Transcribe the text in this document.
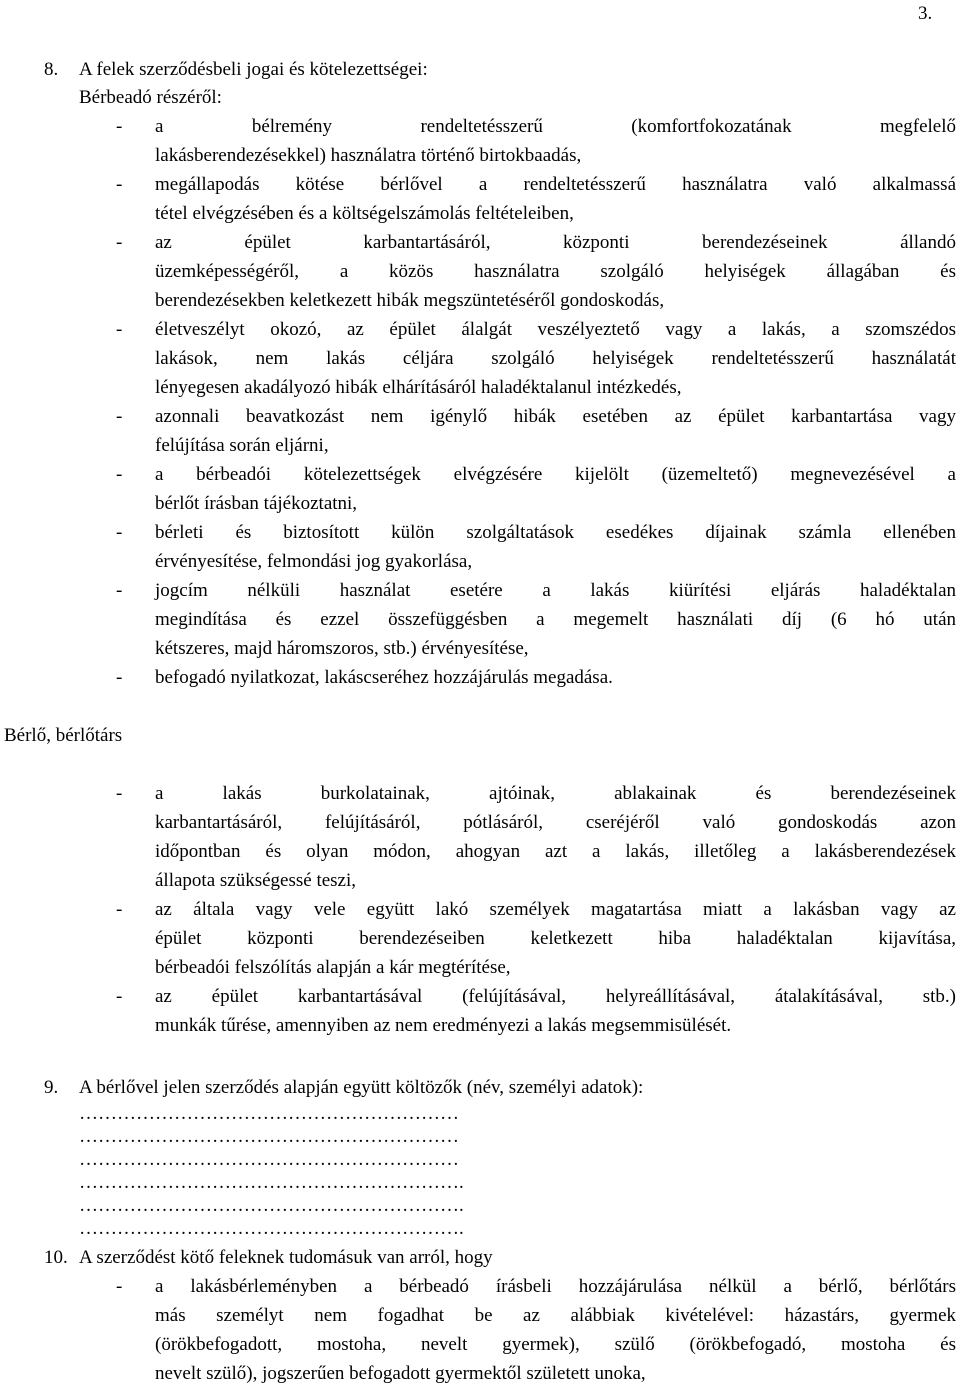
3.
8. A felek szerződésbeli jogai és kötelezettségei:
Bérbeadó részéről:
- a bélremény rendeltetésszerű (komfortfokozatának megfelelő
lakásberendezésekkel) használatra történő birtokbaadás,
- megállapodás kötése bérlővel a rendeltetésszerű használatra való alkalmassá
tétel elvégzésében és a költségelszámolás feltételeiben,
- az épület karbantartásáról, központi berendezéseinek állandó
üzemképességéről, a közös használatra szolgáló helyiségek állagában és
berendezésekben keletkezett hibák megszüntetéséről gondoskodás,
- életveszélyt okozó, az épület álalgát veszélyeztető vagy a lakás, a szomszédos
lakások, nem lakás céljára szolgáló helyiségek rendeltetésszerű használatát
lényegesen akadályozó hibák elhárításáról haladéktalanul intézkedés,
- azonnali beavatkozást nem igénylő hibák esetében az épület karbantartása vagy
felújítása során eljárni,
- a bérbeadói kötelezettségek elvégzésére kijelölt (üzemeltető) megnevezésével a
bérlőt írásban tájékoztatni,
- bérleti és biztosított külön szolgáltatások esedékes díjainak számla ellenében
érvényesítése, felmondási jog gyakorlása,
- jogcím nélküli használat esetére a lakás kiürítési eljárás haladéktalan
megindítása és ezzel összefüggésben a megemelt használati díj (6 hó után
kétszeres, majd háromszoros, stb.) érvényesítése,
- befogadó nyilatkozat, lakáscseréhez hozzájárulás megadása.
Bérlő, bérlőtárs
- a lakás burkolatainak, ajtóinak, ablakainak és berendezéseinek
karbantartásáról, felújításáról, pótlásáról, cseréjéről való gondoskodás azon
időpontban és olyan módon, ahogyan azt a lakás, illetőleg a lakásberendezések
állapota szükségessé teszi,
- az általa vagy vele együtt lakó személyek magatartása miatt a lakásban vagy az
épület központi berendezéseiben keletkezett hiba haladéktalan kijavítása,
bérbeadói felszólítás alapján a kár megtérítése,
- az épület karbantartásával (felújításával, helyreállításával, átalakításával, stb.)
munkák tűrése, amennyiben az nem eredményezi a lakás megsemmisülését.
9. A bérlővel jelen szerződés alapján együtt költözők (név, személyi adatok):
……………………………………………………
……………………………………………………
……………………………………………………
…………………………………………………….
…………………………………………………….
…………………………………………………….
10. A szerződést kötő feleknek tudomásuk van arról, hogy
- a lakásbérleményben a bérbeadó írásbeli hozzájárulása nélkül a bérlő, bérlőtárs
más személyt nem fogadhat be az alábbiak kivételével: házastárs, gyermek
(örökbefogadott, mostoha, nevelt gyermek), szülő (örökbefogadó, mostoha és
nevelt szülő), jogszerűen befogadott gyermektől született unoka,
